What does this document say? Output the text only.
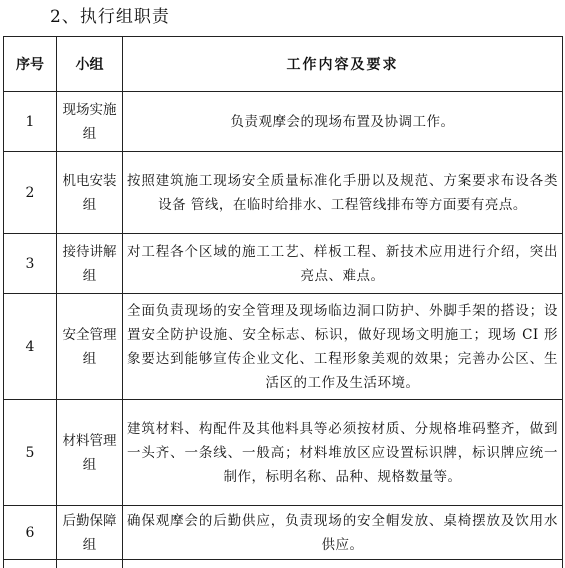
2、执行组职责
序号	小组	工作内容及要求
1	现场实施组	负责观摩会的现场布置及协调工作。
2	机电安装组	按照建筑施工现场安全质量标准化手册以及规范、方案要求布设各类设备 管线，在临时给排水、工程管线排布等方面要有亮点。
3	接待讲解组	对工程各个区域的施工工艺、样板工程、新技术应用进行介绍，突出亮点、难点。
4	安全管理组	全面负责现场的安全管理及现场临边洞口防护、外脚手架的搭设；设置安全防护设施、安全标志、标识，做好现场文明施工；现场 CI 形象要达到能够宣传企业文化、工程形象美观的效果；完善办公区、生活区的工作及生活环境。
5	材料管理组	建筑材料、构配件及其他料具等必须按材质、分规格堆码整齐，做到一头齐、一条线、一般高；材料堆放区应设置标识牌，标识牌应统一制作，标明名称、品种、规格数量等。
6	后勤保障组	确保观摩会的后勤供应，负责现场的安全帽发放、桌椅摆放及饮用水供应。
